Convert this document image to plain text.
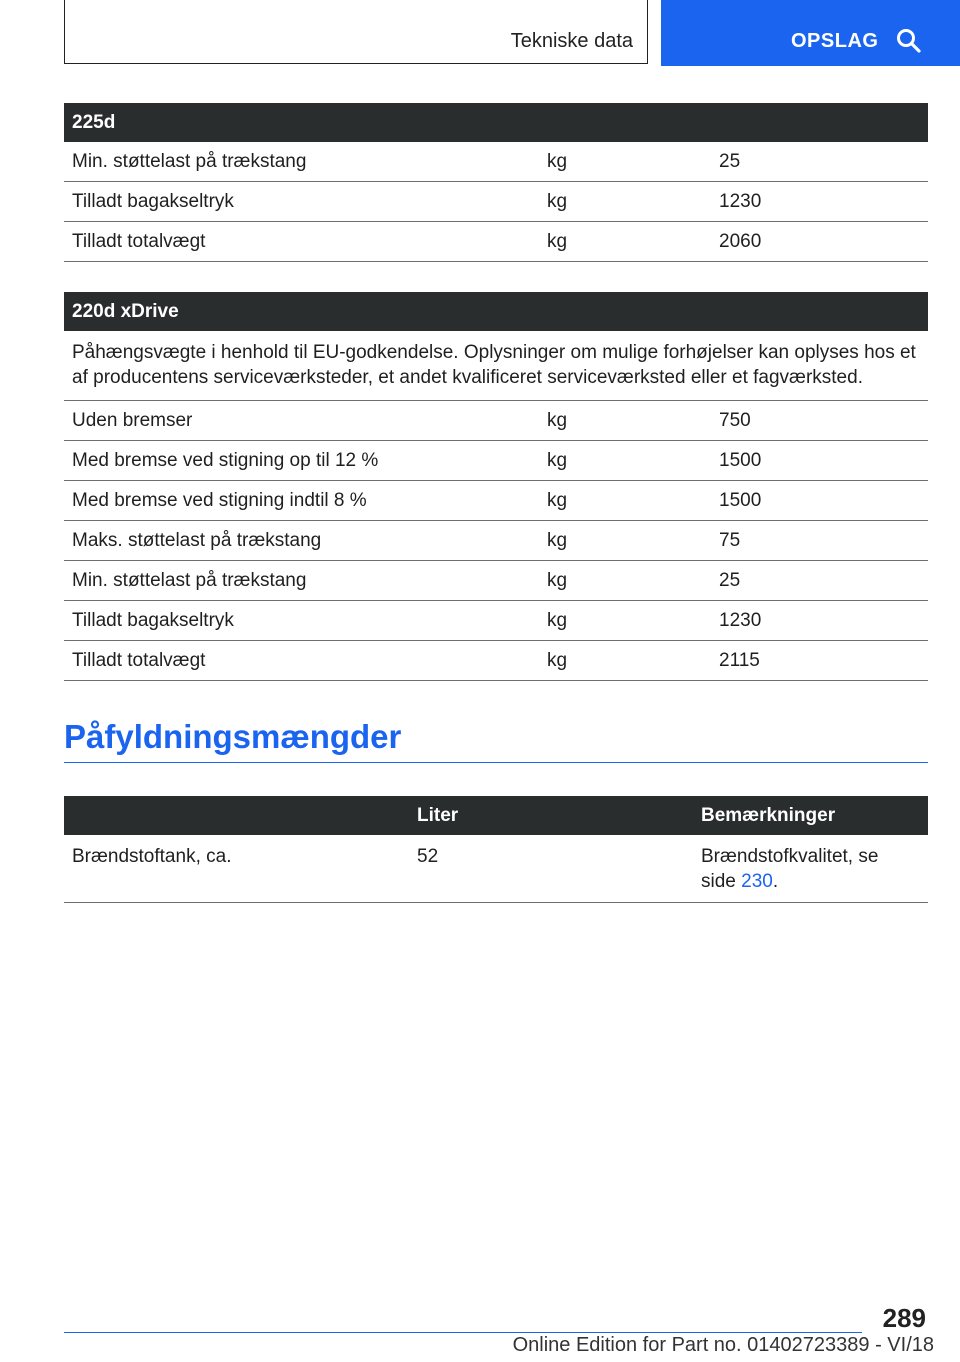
Tekniske data	OPSLAG
225d		
Min. støttelast på trækstang	kg	25
Tilladt bagakseltryk	kg	1230
Tilladt totalvægt	kg	2060
220d xDrive		
Påhængsvægte i henhold til EU-godkendelse. Oplysninger om mulige forhøjelser kan oplyses hos et af producentens serviceværksteder, et andet kvalificeret serviceværksted eller et fagværksted.		
Uden bremser	kg	750
Med bremse ved stigning op til 12 %	kg	1500
Med bremse ved stigning indtil 8 %	kg	1500
Maks. støttelast på trækstang	kg	75
Min. støttelast på trækstang	kg	25
Tilladt bagakseltryk	kg	1230
Tilladt totalvægt	kg	2115
Påfyldningsmængder
	Liter	Bemærkninger
Brændstoftank, ca.	52	Brændstofkvalitet, se
side 230.
289
Online Edition for Part no. 01402723389 - VI/18
